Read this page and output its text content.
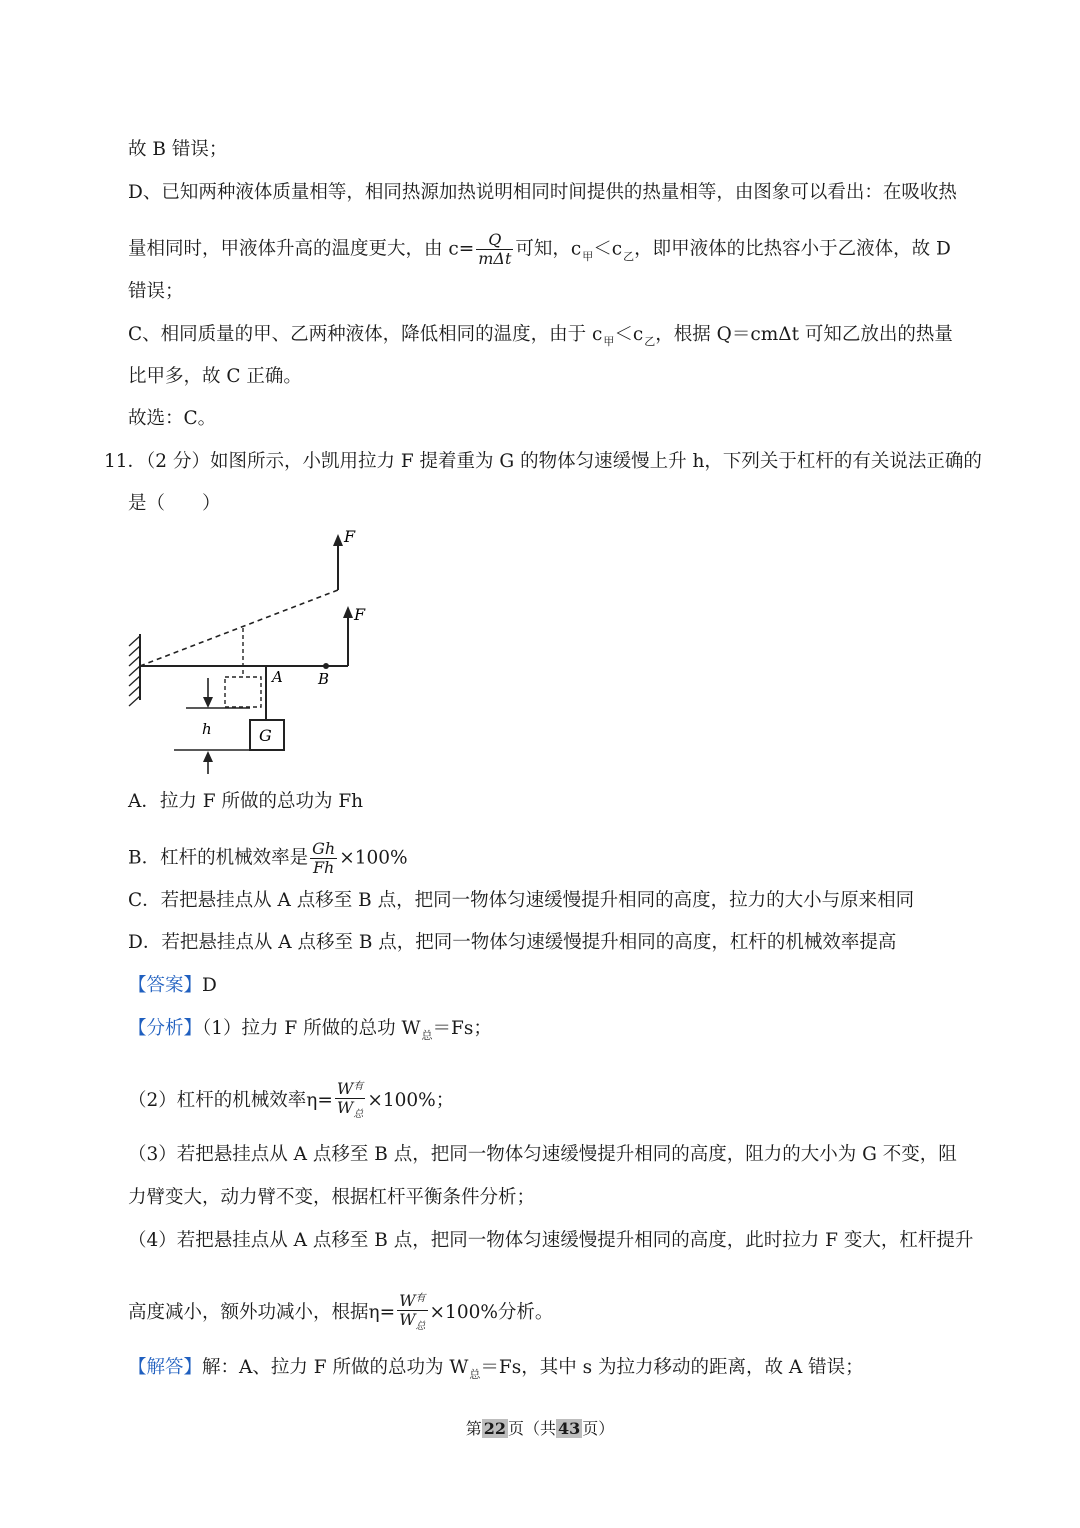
故 B 错误；
D、已知两种液体质量相等，相同热源加热说明相同时间提供的热量相等，由图象可以看出：在吸收热
量相同时，甲液体升高的温度更大，由 $c= \frac{Q}{\text{mΔt}}$ 可知，$c_甲<c_乙$，即甲液体的比热容小于乙液体，故 D
错误；
C、相同质量的甲、乙两种液体，降低相同的温度，由于 $c_甲<c_乙$，根据 Q＝cmΔt 可知乙放出的热量
比甲多，故 C 正确。
故选：C。
11．（2 分）如图所示，小凯用拉力 F 提着重为 G 的物体匀速缓慢上升 h，下列关于杠杆的有关说法正确的
是（　　）
F
F
A B
h	G
A．拉力 F 所做的总功为 Fh
B．杠杆的机械效率是 $\frac{Gh}{Fh} \times 100\%$
C．若把悬挂点从 A 点移至 B 点，把同一物体匀速缓慢提升相同的高度，拉力的大小与原来相同
D．若把悬挂点从 A 点移至 B 点，把同一物体匀速缓慢提升相同的高度，杠杆的机械效率提高
【答案】D
【分析】（1）拉力 F 所做的总功 $W_总=Fs$；
（2）杠杆的机械效率$\eta= \frac{W^有}{W_总} \times 100\%$；
（3）若把悬挂点从 A 点移至 B 点，把同一物体匀速缓慢提升相同的高度，阻力的大小为 G 不变，阻
力臂变大，动力臂不变，根据杠杆平衡条件分析；
（4）若把悬挂点从 A 点移至 B 点，把同一物体匀速缓慢提升相同的高度，此时拉力 F 变大，杠杆提升
高度减小，额外功减小，根据$\eta= \frac{W^有}{W_总} \times 100\%$分析。
【解答】解：A、拉力 F 所做的总功为 $W_总=Fs$，其中 s 为拉力移动的距离，故 A 错误；
第 22 页（共 43 页）
